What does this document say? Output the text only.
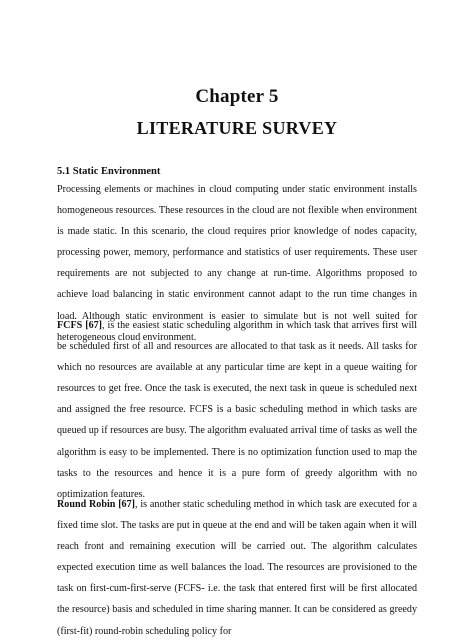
Chapter 5
LITERATURE SURVEY
5.1 Static Environment
Processing elements or machines in cloud computing under static environment installs homogeneous resources. These resources in the cloud are not flexible when environment is made static. In this scenario, the cloud requires prior knowledge of nodes capacity, processing power, memory, performance and statistics of user requirements. These user requirements are not subjected to any change at run-time. Algorithms proposed to achieve load balancing in static environment cannot adapt to the run time changes in load. Although static environment is easier to simulate but is not well suited for heterogeneous cloud environment.
FCFS [67], is the easiest static scheduling algorithm in which task that arrives first will be scheduled first of all and resources are allocated to that task as it needs. All tasks for which no resources are available at any particular time are kept in a queue waiting for resources to get free. Once the task is executed, the next task in queue is scheduled next and assigned the free resource. FCFS is a basic scheduling method in which tasks are queued up if resources are busy. The algorithm evaluated arrival time of tasks as well the algorithm is easy to be implemented. There is no optimization function used to map the tasks to the resources and hence it is a pure form of greedy algorithm with no optimization features.
Round Robin [67], is another static scheduling method in which task are executed for a fixed time slot. The tasks are put in queue at the end and will be taken again when it will reach front and remaining execution will be carried out. The algorithm calculates expected execution time as well balances the load. The resources are provisioned to the task on first-cum-first-serve (FCFS- i.e. the task that entered first will be first allocated the resource) basis and scheduled in time sharing manner. It can be considered as greedy (first-fit) round-robin scheduling policy for
